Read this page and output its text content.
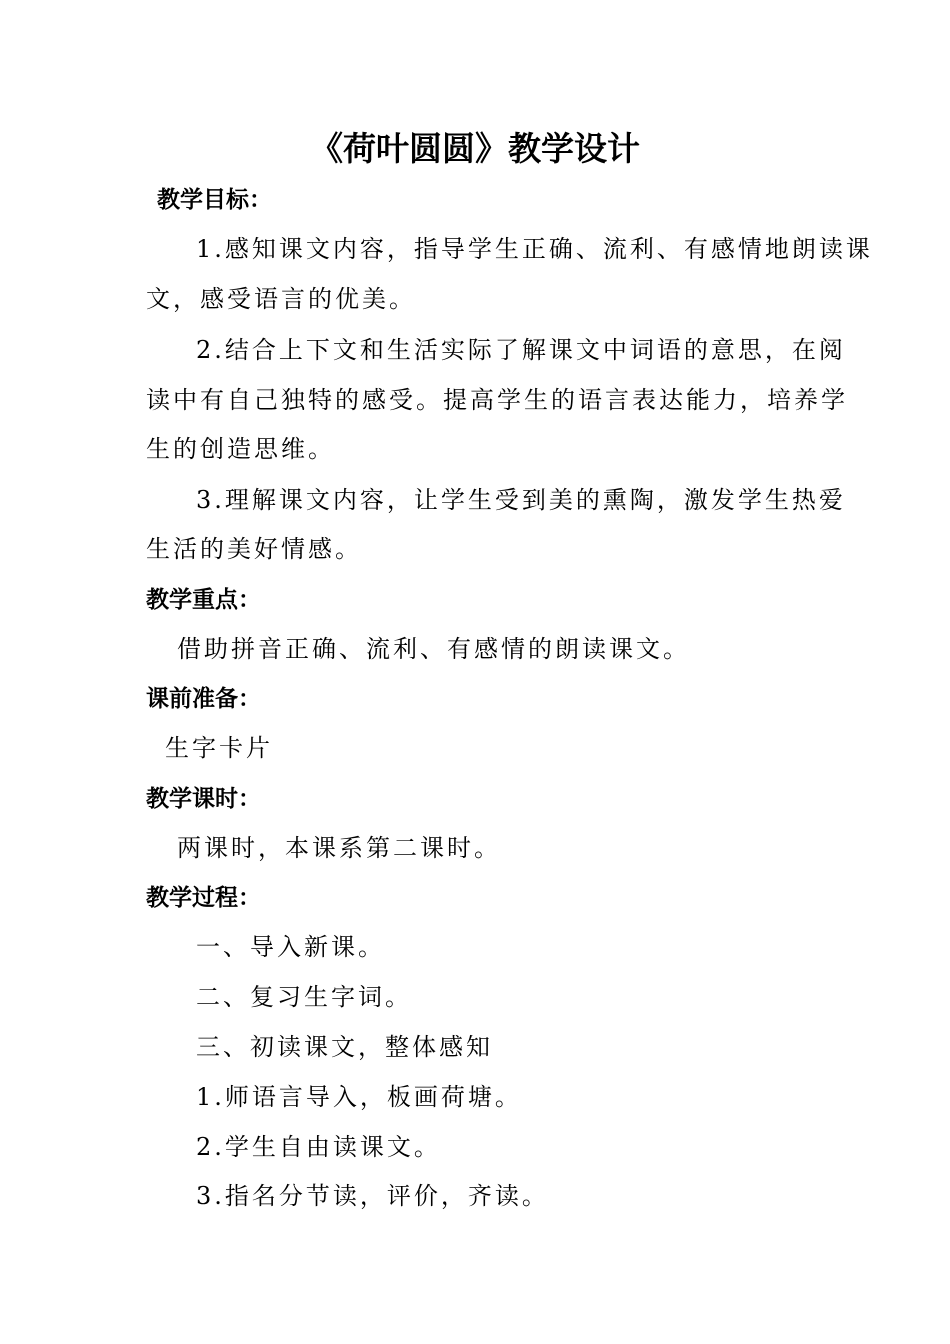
《荷叶圆圆》教学设计
教学目标：
1.感知课文内容，指导学生正确、流利、有感情地朗读课
文，感受语言的优美。
2.结合上下文和生活实际了解课文中词语的意思，在阅
读中有自己独特的感受。提高学生的语言表达能力，培养学
生的创造思维。
3.理解课文内容，让学生受到美的熏陶，激发学生热爱
生活的美好情感。
教学重点：
借助拼音正确、流利、有感情的朗读课文。
课前准备：
生字卡片
教学课时：
两课时，本课系第二课时。
教学过程：
一、导入新课。
二、复习生字词。
三、初读课文，整体感知
1.师语言导入，板画荷塘。
2.学生自由读课文。
3.指名分节读，评价，齐读。
